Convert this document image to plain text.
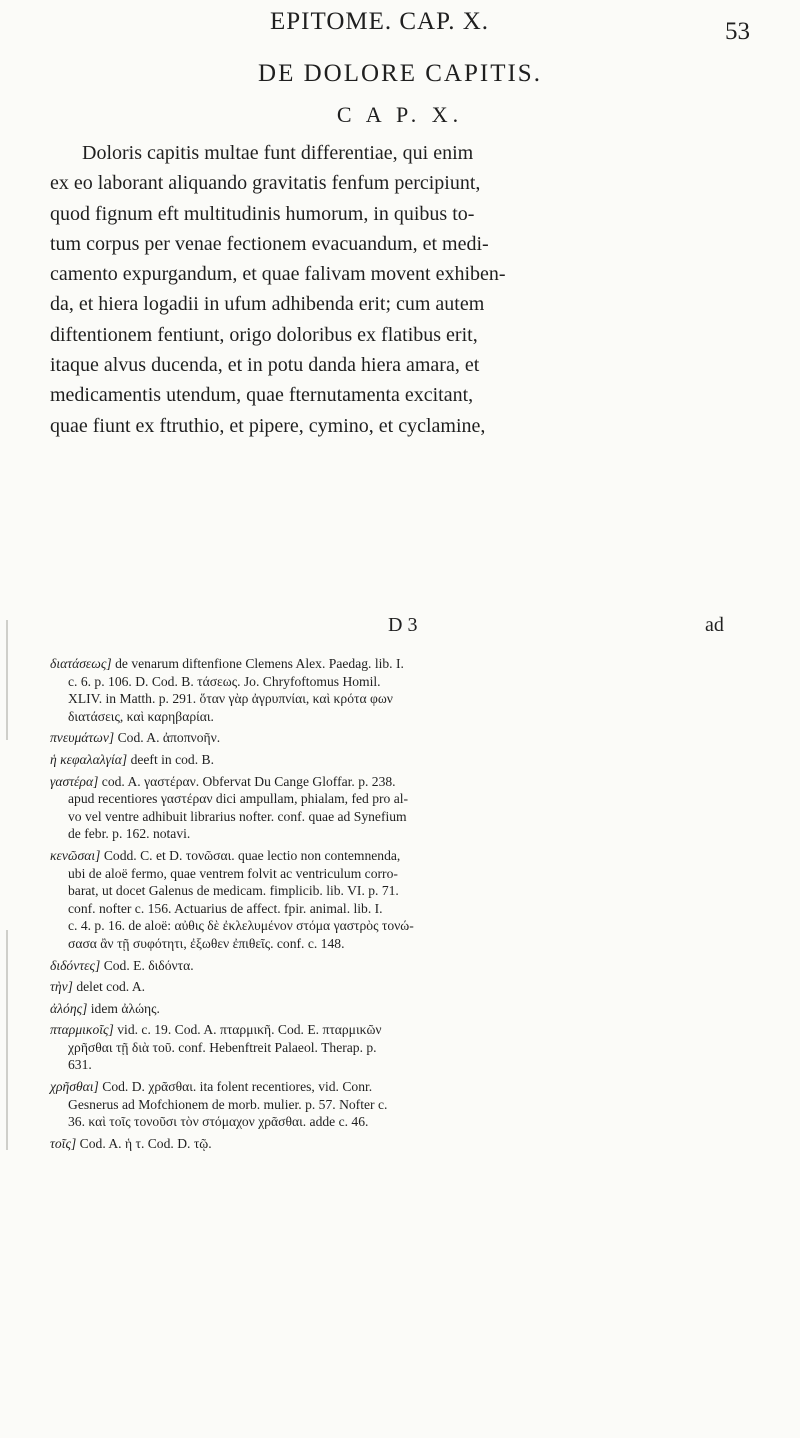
EPITOME. CAP. X.	53
DE DOLORE CAPITIS.
C A P. X.
Doloris capitis multae funt differentiae, qui enim
ex eo laborant aliquando gravitatis fenfum percipiunt,
quod fignum eft multitudinis humorum, in quibus to-
tum corpus per venae fectionem evacuandum, et medi-
camento expurgandum, et quae falivam movent exhiben-
da, et hiera logadii in ufum adhibenda erit; cum autem
diftentionem fentiunt, origo doloribus ex flatibus erit,
itaque alvus ducenda, et in potu danda hiera amara, et
medicamentis utendum, quae fternutamenta excitant,
quae fiunt ex ftruthio, et pipere, cymino, et cyclamine,
D 3	ad
διατάσεως] de venarum diftenfione Clemens Alex. Paedag. lib. I.
c. 6. p. 106. D. Cod. B. τάσεως. Jo. Chryfoftomus Homil.
XLIV. in Matth. p. 291. ὅταν γὰρ ἀγρυπνίαι, καὶ κρότα φων
διατάσεις, καὶ καρηβαρίαι.
πνευμάτων] Cod. A. ἀποπνοῆν.
ἡ κεφαλαλγία] deeft in cod. B.
γαστέρα] cod. A. γαστέραν. Obfervat Du Cange Gloffar. p. 238.
apud recentiores γαστέραν dici ampullam, phialam, fed pro al-
vo vel ventre adhibuit librarius nofter. conf. quae ad Synefium
de febr. p. 162. notavi.
κενῶσαι] Codd. C. et D. τονῶσαι. quae lectio non contemnenda,
ubi de aloë fermo, quae ventrem folvit ac ventriculum corro-
barat, ut docet Galenus de medicam. fimplicib. lib. VI. p. 71.
conf. nofter c. 156. Actuarius de affect. fpir. animal. lib. I.
c. 4. p. 16. de aloë: αὐθις δὲ ἐκλελυμένον στόμα γαστρὸς τονώ-
σασα ἂν τῇ συφότητι, ἐξωθεν ἐπιθεῖς. conf. c. 148.
διδόντες] Cod. E. διδόντα.
τὴν] delet cod. A.
ἀλόης] idem ἀλώης.
πταρμικοῖς] vid. c. 19. Cod. A. πταρμικῆ. Cod. E. πταρμικῶν
χρῆσθαι τῇ διὰ τοῦ. conf. Hebenftreit Palaeol. Therap. p.
631.
χρῆσθαι] Cod. D. χρᾶσθαι. ita folent recentiores, vid. Conr.
Gesnerus ad Mofchionem de morb. mulier. p. 57. Nofter c.
36. καὶ τοῖς τονοῦσι τὸν στόμαχον χρᾶσθαι. adde c. 46.
τοῖς] Cod. A. ἡ τ. Cod. D. τῷ.
